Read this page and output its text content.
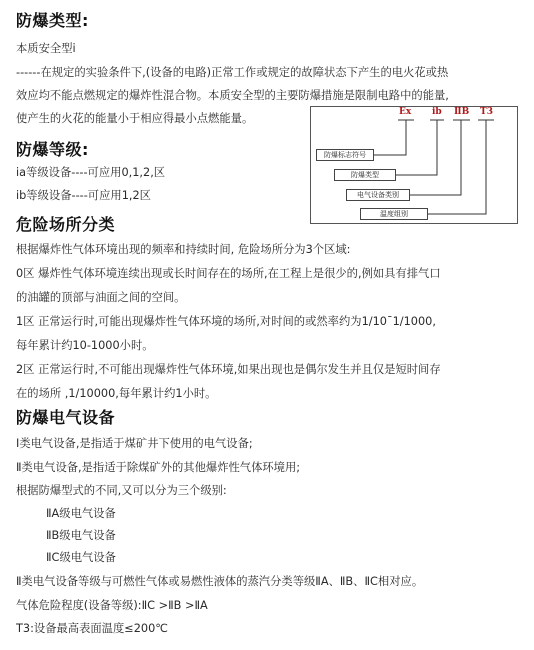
防爆类型:
本质安全型i
------在规定的实验条件下,(设备的电路)正常工作或规定的故障状态下产生的电火花或热
效应均不能点燃规定的爆炸性混合物。本质安全型的主要防爆措施是限制电路中的能量,
使产生的火花的能量小于相应得最小点燃能量。	Ex ib ⅡB T3
防爆标志符号
防爆类型
电气设备类别
温度组别
防爆等级:
ia等级设备----可应用0,1,2,区
ib等级设备----可应用1,2区
危险场所分类
根据爆炸性气体环境出现的频率和持续时间, 危险场所分为3个区域:
0区 爆炸性气体环境连续出现或长时间存在的场所,在工程上是很少的,例如具有排气口
的油罐的顶部与油面之间的空间。
1区 正常运行时,可能出现爆炸性气体环境的场所,对时间的或然率约为1/10ˉ1/1000,
每年累计约10-1000小时。
2区 正常运行时,不可能出现爆炸性气体环境,如果出现也是偶尔发生并且仅是短时间存
在的场所 ,1/10000,每年累计约1小时。
防爆电气设备
I类电气设备,是指适于煤矿井下使用的电气设备;
Ⅱ类电气设备,是指适于除煤矿外的其他爆炸性气体环境用;
根据防爆型式的不同,又可以分为三个级别:
ⅡA级电气设备
ⅡB级电气设备
ⅡC级电气设备
Ⅱ类电气设备等级与可燃性气体或易燃性液体的蒸汽分类等级ⅡA、ⅡB、ⅡC相对应。
气体危险程度(设备等级):ⅡC >ⅡB >ⅡA
T3:设备最高表面温度≤200℃
